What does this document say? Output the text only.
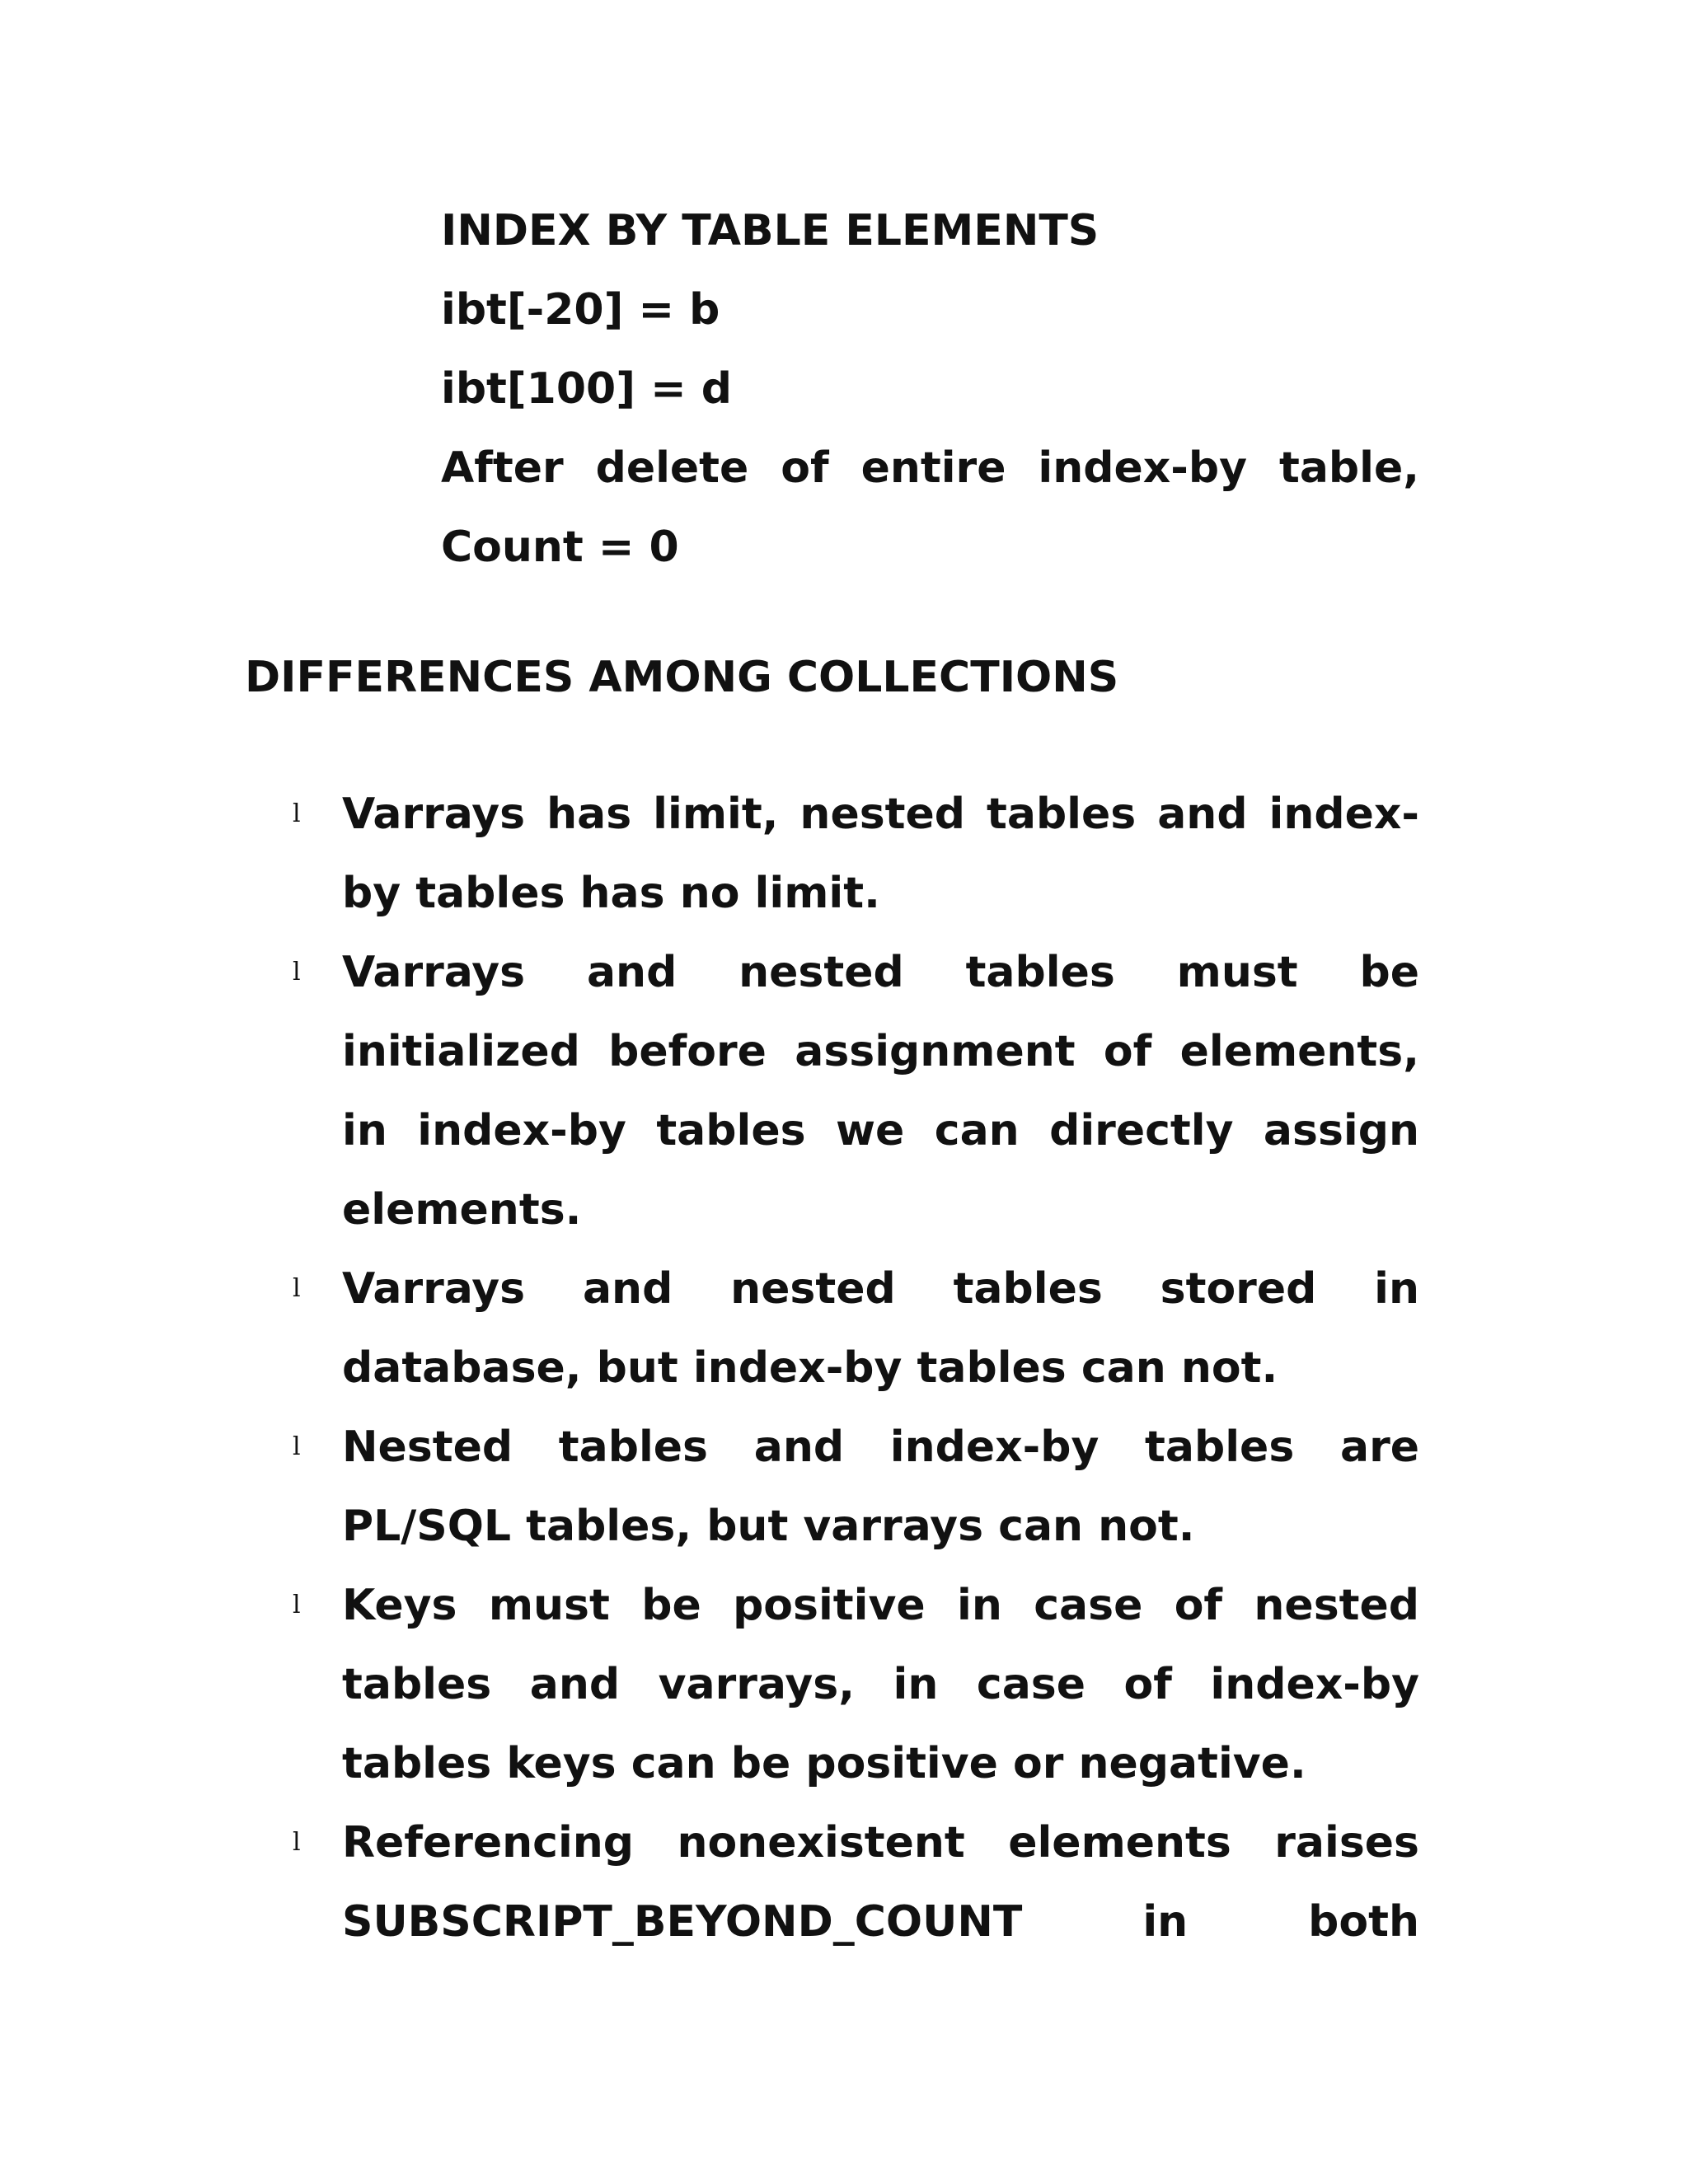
INDEX BY TABLE ELEMENTS
ibt[-20] = b
ibt[100] = d
After delete of entire index-by table,
Count = 0
DIFFERENCES AMONG COLLECTIONS
l Varrays has limit, nested tables and index-
by tables has no limit.
l Varrays and nested tables must be
initialized before assignment of elements,
in index-by tables we can directly assign
elements.
l Varrays and nested tables stored in
database, but index-by tables can not.
l Nested tables and index-by tables are
PL/SQL tables, but varrays can not.
l Keys must be positive in case of nested
tables and varrays, in case of index-by
tables keys can be positive or negative.
l Referencing nonexistent elements raises
SUBSCRIPT_BEYOND_COUNT in both
